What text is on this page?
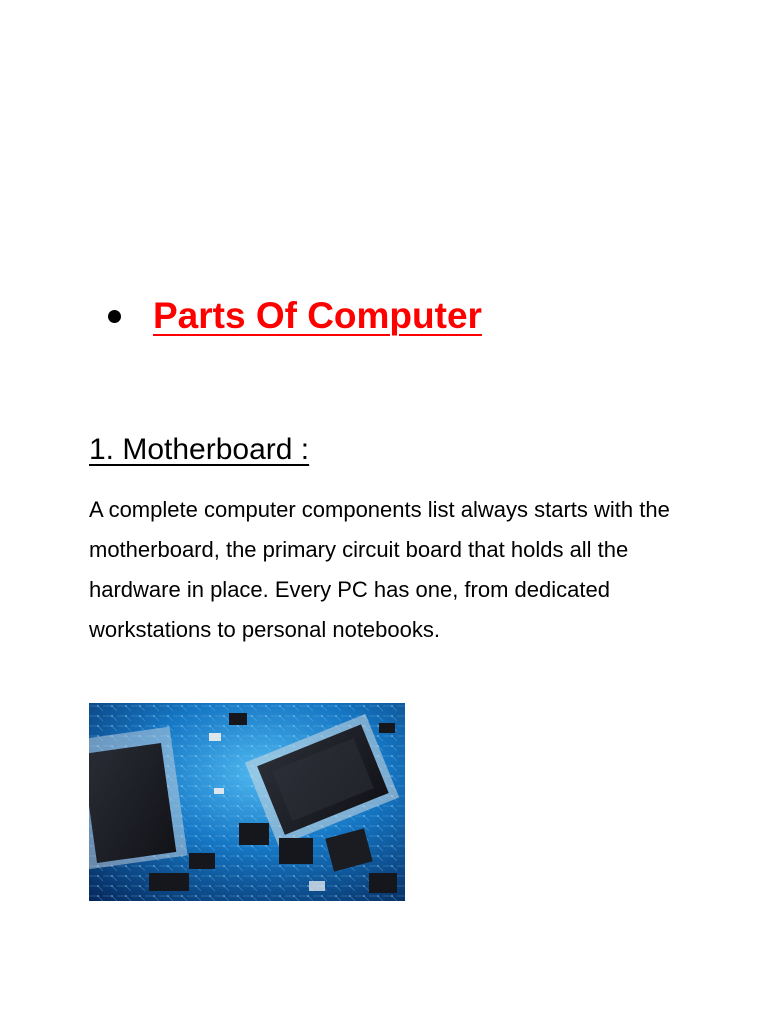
Parts Of Computer
1. Motherboard :

A complete computer components list always starts with the motherboard, the primary circuit board that holds all the hardware in place. Every PC has one, from dedicated workstations to personal notebooks.
